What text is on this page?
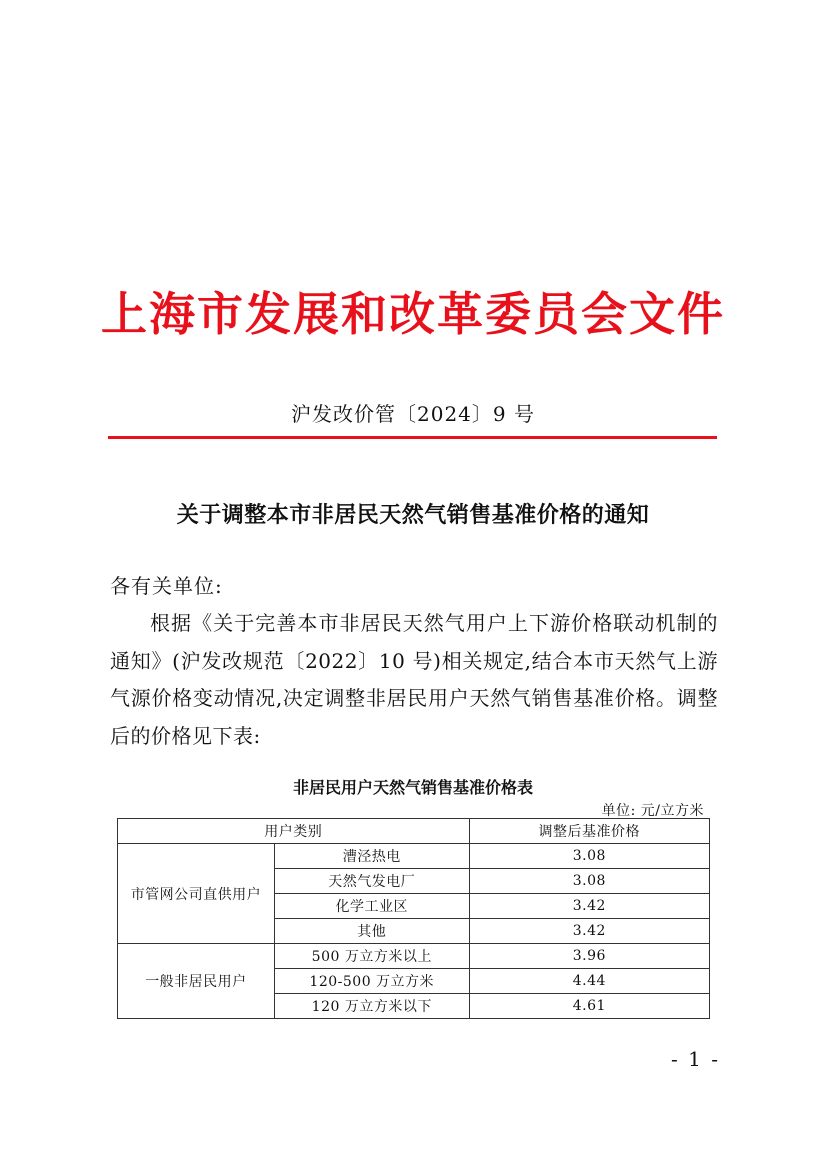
上海市发展和改革委员会文件
沪发改价管〔2024〕9 号
关于调整本市非居民天然气销售基准价格的通知
各有关单位:

根据《关于完善本市非居民天然气用户上下游价格联动机制的通知》(沪发改规范〔2022〕10 号)相关规定,结合本市天然气上游气源价格变动情况,决定调整非居民用户天然气销售基准价格。调整后的价格见下表:

非居民用户天然气销售基准价格表
单位: 元/立方米
用户类别		调整后基准价格
市管网公司直供用户	漕泾热电	3.08
	天然气发电厂	3.08
	化学工业区	3.42
	其他	3.42
一般非居民用户	500 万立方米以上	3.96
	120-500 万立方米	4.44
	120 万立方米以下	4.61
- 1 -
